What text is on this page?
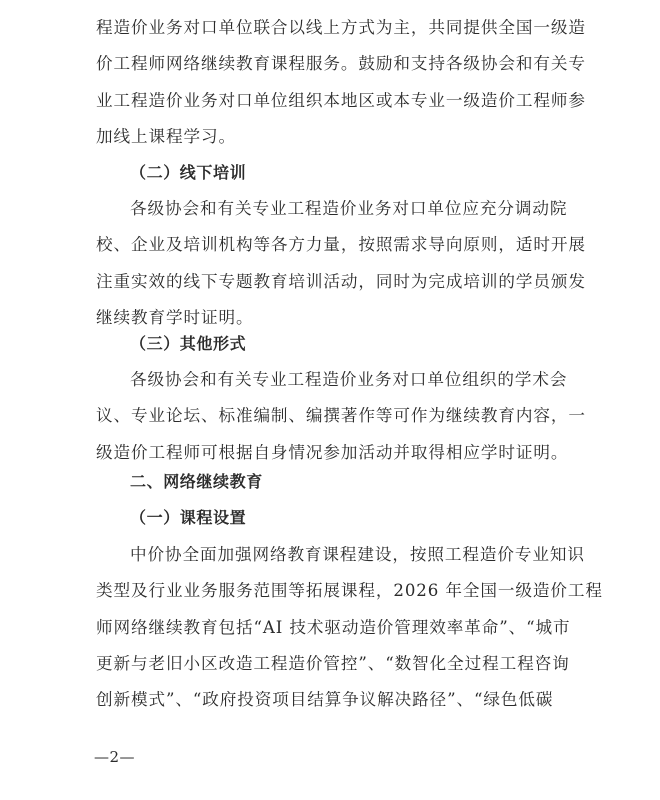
程造价业务对口单位联合以线上方式为主，共同提供全国一级造
价工程师网络继续教育课程服务。鼓励和支持各级协会和有关专
业工程造价业务对口单位组织本地区或本专业一级造价工程师参
加线上课程学习。
（二）线下培训
各级协会和有关专业工程造价业务对口单位应充分调动院
校、企业及培训机构等各方力量，按照需求导向原则，适时开展
注重实效的线下专题教育培训活动，同时为完成培训的学员颁发
继续教育学时证明。
（三）其他形式
各级协会和有关专业工程造价业务对口单位组织的学术会
议、专业论坛、标准编制、编撰著作等可作为继续教育内容，一
级造价工程师可根据自身情况参加活动并取得相应学时证明。
二、网络继续教育
（一）课程设置
中价协全面加强网络教育课程建设，按照工程造价专业知识
类型及行业业务服务范围等拓展课程，2026 年全国一级造价工程
师网络继续教育包括“AI 技术驱动造价管理效率革命”、“城市
更新与老旧小区改造工程造价管控”、“数智化全过程工程咨询
创新模式”、“政府投资项目结算争议解决路径”、“绿色低碳
—2—
